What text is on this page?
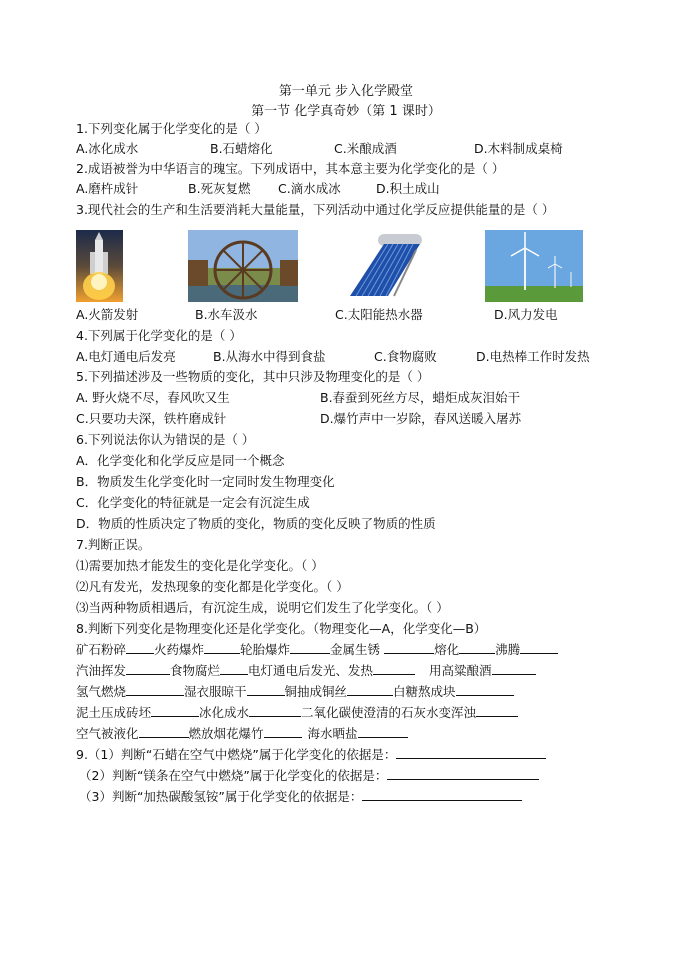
第一单元 步入化学殿堂
第一节 化学真奇妙（第 1 课时）
1.下列变化属于化学变化的是（ ）
A.冰化成水	B.石蜡熔化	C.米酿成酒	D.木料制成桌椅
2.成语被誉为中华语言的瑰宝。下列成语中，其本意主要为化学变化的是（ ）
A.磨杵成针	B.死灰复燃 C.滴水成冰	D.积土成山
3.现代社会的生产和生活要消耗大量能量，下列活动中通过化学反应提供能量的是（ ）
A.火箭发射	B.水车汲水	C.太阳能热水器	D.风力发电
4.下列属于化学变化的是（ ）
A.电灯通电后发亮	B.从海水中得到食盐	C.食物腐败	D.电热棒工作时发热
5.下列描述涉及一些物质的变化，其中只涉及物理变化的是（ ）
A. 野火烧不尽，春风吹又生	B.春蚕到死丝方尽，蜡炬成灰泪始干
C.只要功夫深，铁杵磨成针	D.爆竹声中一岁除，春风送暖入屠苏
6.下列说法你认为错误的是（ ）
A．化学变化和化学反应是同一个概念
B．物质发生化学变化时一定同时发生物理变化
C．化学变化的特征就是一定会有沉淀生成
D．物质的性质决定了物质的变化，物质的变化反映了物质的性质
7.判断正误。
⑴需要加热才能发生的变化是化学变化。（ ）
⑵凡有发光，发热现象的变化都是化学变化。（ ）
⑶当两种物质相遇后，有沉淀生成，说明它们发生了化学变化。（ ）
8.判断下列变化是物理变化还是化学变化。（物理变化—A，化学变化—B）
矿石粉碎 火药爆炸	轮胎爆炸	金属生锈	熔化	沸腾
汽油挥发	食物腐烂 电灯通电后发光、发热	用高粱酿酒
氢气燃烧	湿衣服晾干	铜抽成铜丝	白糖熬成块
泥土压成砖坯	冰化成水	二氧化碳使澄清的石灰水变浑浊
空气被液化	燃放烟花爆竹	海水晒盐
9.（1）判断“石蜡在空气中燃烧”属于化学变化的依据是：
（2）判断“镁条在空气中燃烧”属于化学变化的依据是：
（3）判断“加热碳酸氢铵”属于化学变化的依据是：
